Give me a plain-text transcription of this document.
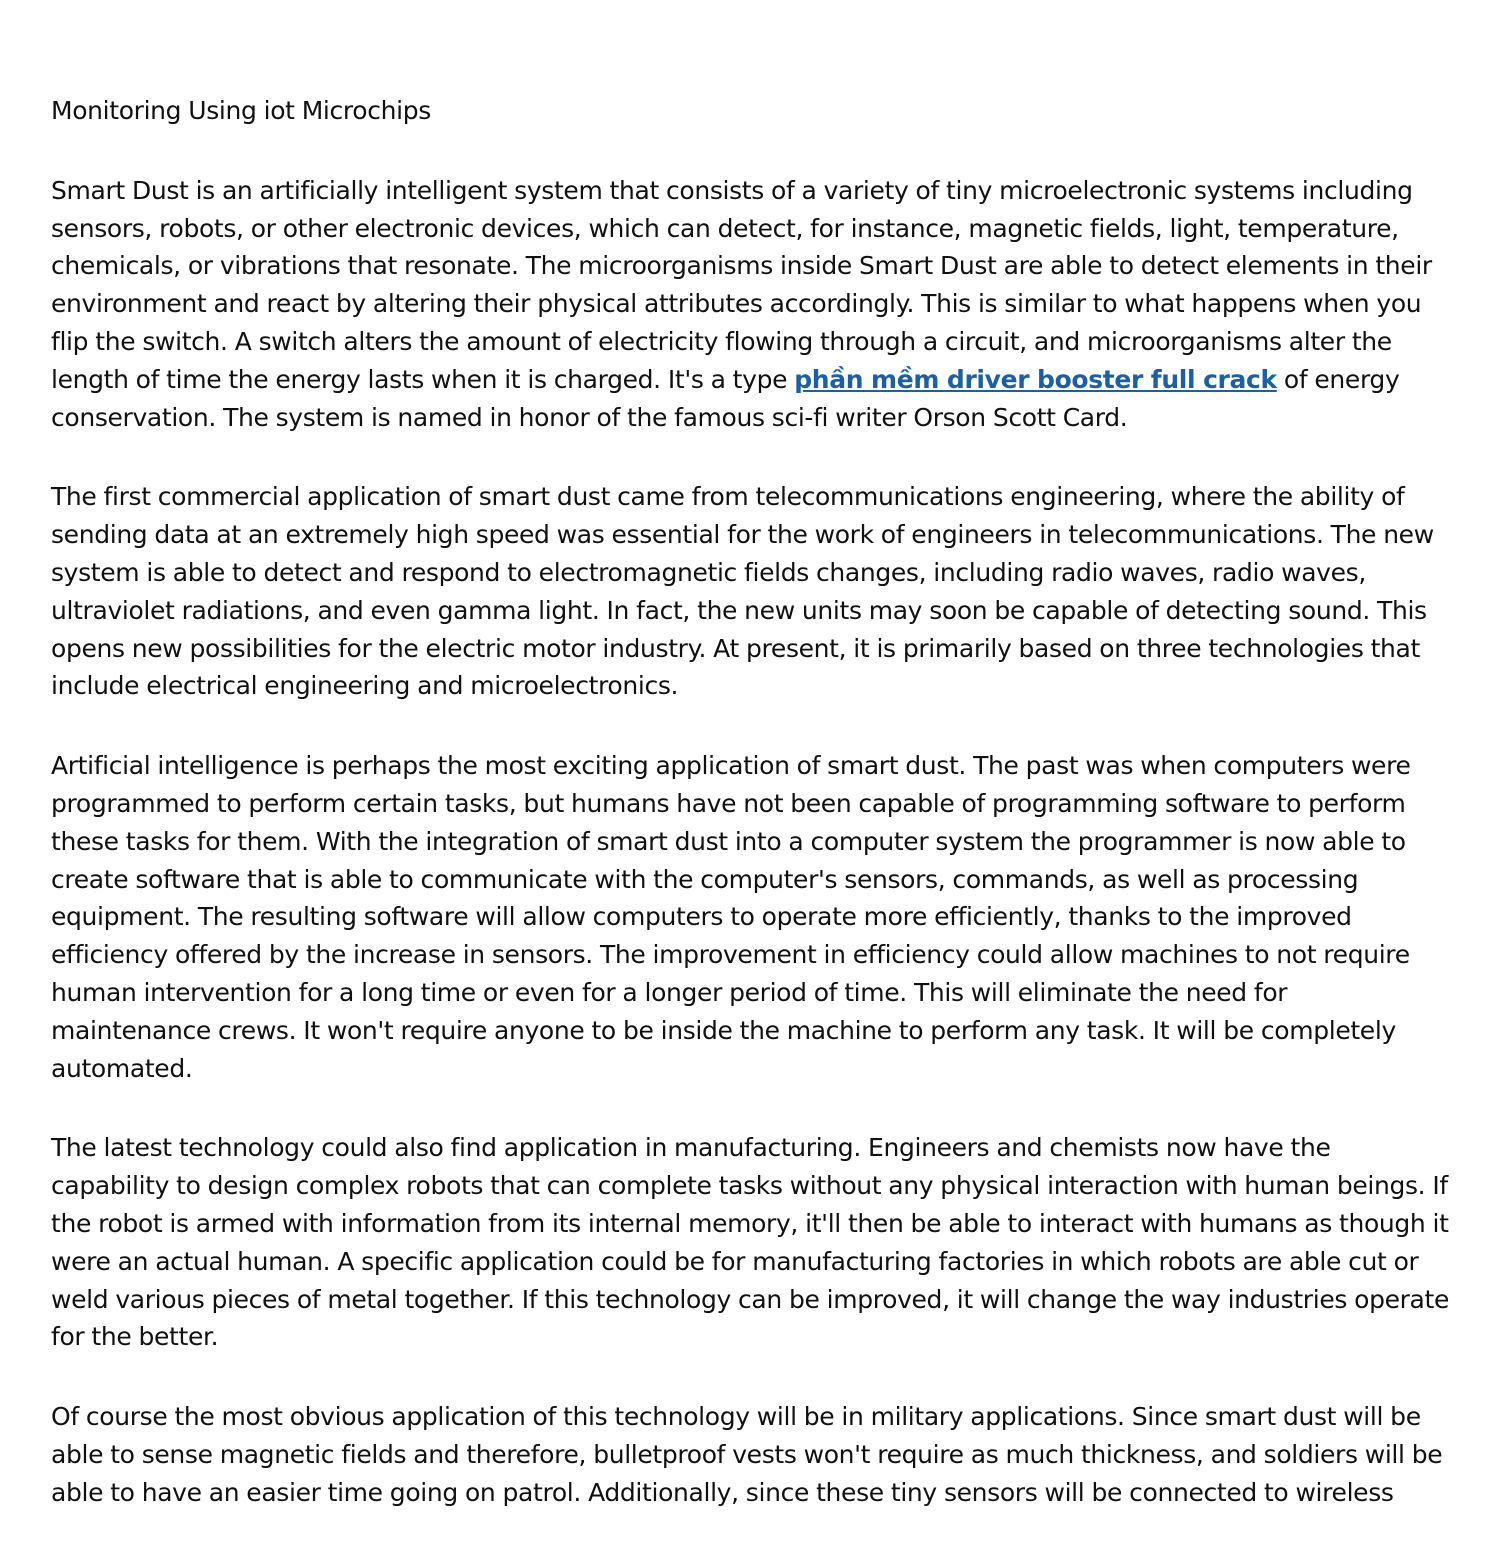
Monitoring Using iot Microchips

Smart Dust is an artificially intelligent system that consists of a variety of tiny microelectronic systems including sensors, robots, or other electronic devices, which can detect, for instance, magnetic fields, light, temperature, chemicals, or vibrations that resonate. The microorganisms inside Smart Dust are able to detect elements in their environment and react by altering their physical attributes accordingly. This is similar to what happens when you flip the switch. A switch alters the amount of electricity flowing through a circuit, and microorganisms alter the length of time the energy lasts when it is charged. It's a type phần mềm driver booster full crack of energy conservation. The system is named in honor of the famous sci-fi writer Orson Scott Card.

The first commercial application of smart dust came from telecommunications engineering, where the ability of sending data at an extremely high speed was essential for the work of engineers in telecommunications. The new system is able to detect and respond to electromagnetic fields changes, including radio waves, radio waves, ultraviolet radiations, and even gamma light. In fact, the new units may soon be capable of detecting sound. This opens new possibilities for the electric motor industry. At present, it is primarily based on three technologies that include electrical engineering and microelectronics.

Artificial intelligence is perhaps the most exciting application of smart dust. The past was when computers were programmed to perform certain tasks, but humans have not been capable of programming software to perform these tasks for them. With the integration of smart dust into a computer system the programmer is now able to create software that is able to communicate with the computer's sensors, commands, as well as processing equipment. The resulting software will allow computers to operate more efficiently, thanks to the improved efficiency offered by the increase in sensors. The improvement in efficiency could allow machines to not require human intervention for a long time or even for a longer period of time. This will eliminate the need for maintenance crews. It won't require anyone to be inside the machine to perform any task. It will be completely automated.

The latest technology could also find application in manufacturing. Engineers and chemists now have the capability to design complex robots that can complete tasks without any physical interaction with human beings. If the robot is armed with information from its internal memory, it'll then be able to interact with humans as though it were an actual human. A specific application could be for manufacturing factories in which robots are able cut or weld various pieces of metal together. If this technology can be improved, it will change the way industries operate for the better.

Of course the most obvious application of this technology will be in military applications. Since smart dust will be able to sense magnetic fields and therefore, bulletproof vests won't require as much thickness, and soldiers will be able to have an easier time going on patrol. Additionally, since these tiny sensors will be connected to wireless
